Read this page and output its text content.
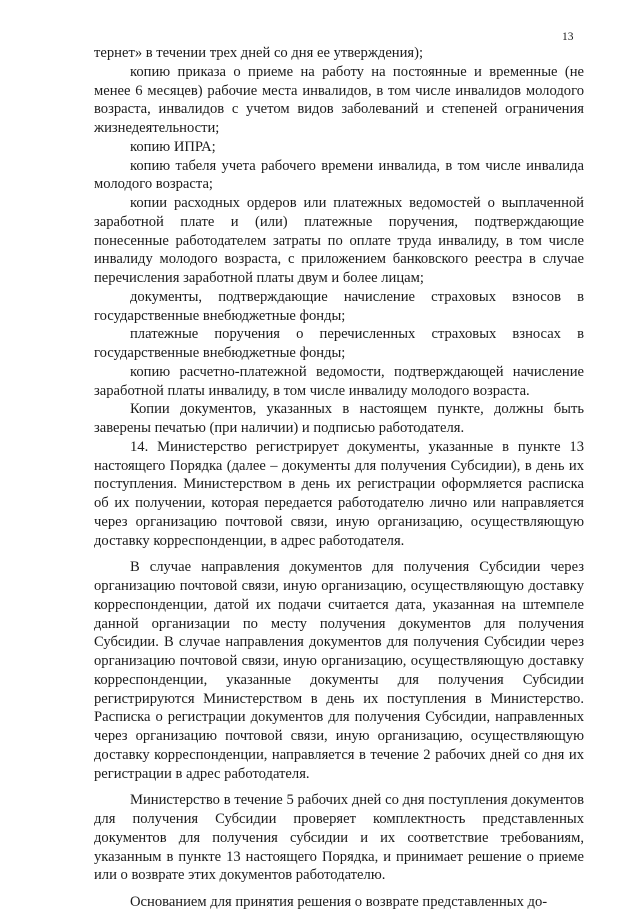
13

тернет» в течении трех дней со дня ее утверждения);

копию приказа о приеме на работу на постоянные и временные (не менее 6 месяцев) рабочие места инвалидов, в том числе инвалидов молодого возраста, инвалидов с учетом видов заболеваний и степеней ограничения жизнедеятельности;

копию ИПРА;

копию табеля учета рабочего времени инвалида, в том числе инвалида молодого возраста;

копии расходных ордеров или платежных ведомостей о выплаченной заработной плате и (или) платежные поручения, подтверждающие понесенные работодателем затраты по оплате труда инвалиду, в том числе инвалиду молодого возраста, с приложением банковского реестра в случае перечисления заработной платы двум и более лицам;

документы, подтверждающие начисление страховых взносов в государственные внебюджетные фонды;

платежные поручения о перечисленных страховых взносах в государственные внебюджетные фонды;

копию расчетно-платежной ведомости, подтверждающей начисление заработной платы инвалиду, в том числе инвалиду молодого возраста.

Копии документов, указанных в настоящем пункте, должны быть заверены печатью (при наличии) и подписью работодателя.

14. Министерство регистрирует документы, указанные в пункте 13 настоящего Порядка (далее – документы для получения Субсидии), в день их поступления. Министерством в день их регистрации оформляется расписка об их получении, которая передается работодателю лично или направляется через организацию почтовой связи, иную организацию, осуществляющую доставку корреспонденции, в адрес работодателя.

В случае направления документов для получения Субсидии через организацию почтовой связи, иную организацию, осуществляющую доставку корреспонденции, датой их подачи считается дата, указанная на штемпеле данной организации по месту получения документов для получения Субсидии. В случае направления документов для получения Субсидии через организацию почтовой связи, иную организацию, осуществляющую доставку корреспонденции, указанные документы для получения Субсидии регистрируются Министерством в день их поступления в Министерство. Расписка о регистрации документов для получения Субсидии, направленных через организацию почтовой связи, иную организацию, осуществляющую доставку корреспонденции, направляется в течение 2 рабочих дней со дня их регистрации в адрес работодателя.

Министерство в течение 5 рабочих дней со дня поступления документов для получения Субсидии проверяет комплектность представленных документов для получения субсидии и их соответствие требованиям, указанным в пункте 13 настоящего Порядка, и принимает решение о приеме или о возврате этих документов работодателю.

Основанием для принятия решения о возврате представленных до-
